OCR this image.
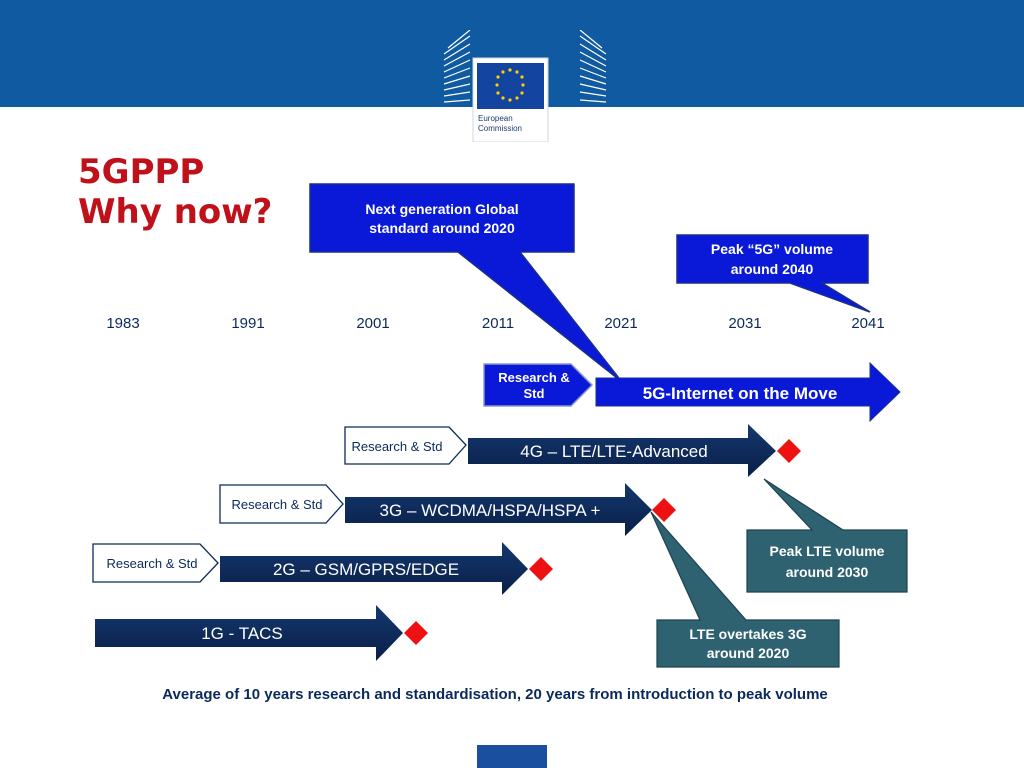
European
Commission
5GPPP
Why now?
1983	1991	2001	2011	2021	2031	2041
Next generation Global
standard around 2020
Peak “5G” volume
around 2040
Research &
Std	5G-Internet on the Move
Research & Std	4G – LTE/LTE-Advanced
Research & Std	3G – WCDMA/HSPA/HSPA +
Research & Std	2G – GSM/GPRS/EDGE
1G - TACS
Peak LTE volume
around 2030
LTE overtakes 3G
around 2020
Average of 10 years research and standardisation, 20 years from introduction to peak volume
